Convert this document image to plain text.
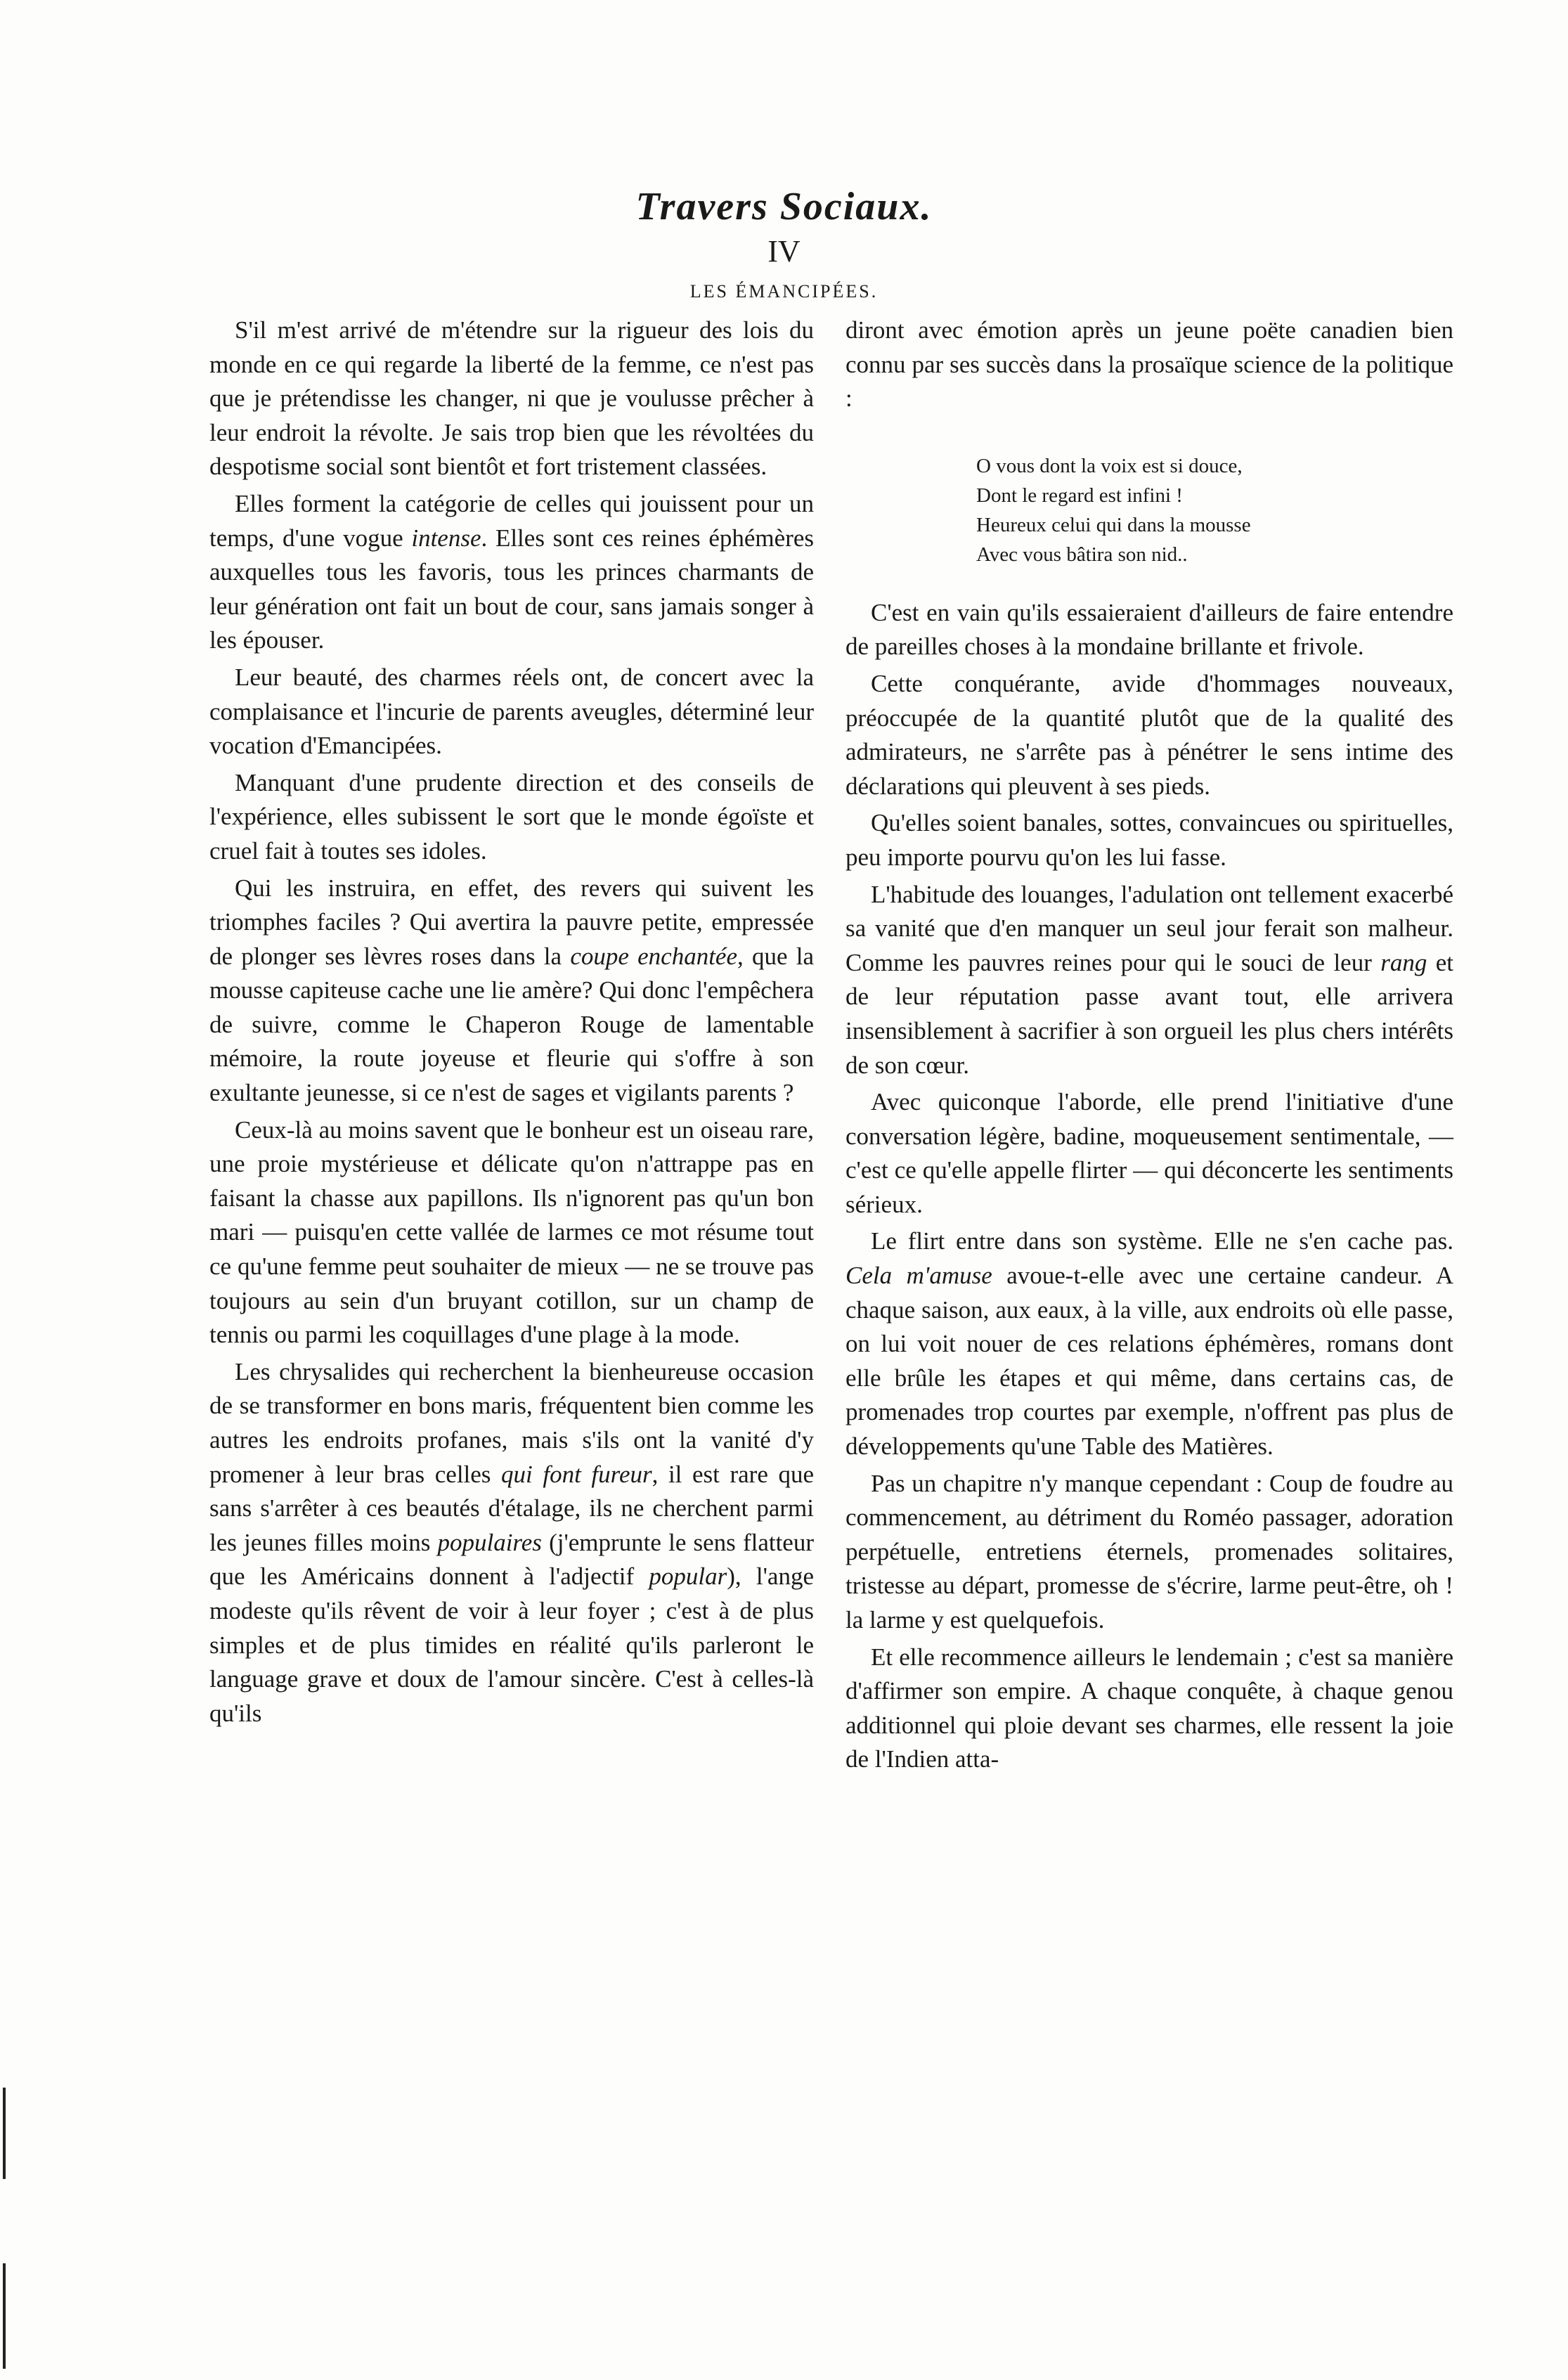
Travers Sociaux.
IV
LES ÉMANCIPÉES.

S'il m'est arrivé de m'étendre sur la rigueur des lois du monde en ce qui regarde la liberté de la femme, ce n'est pas que je prétendisse les changer, ni que je voulusse prêcher à leur endroit la révolte. Je sais trop bien que les révoltées du despotisme social sont bientôt et fort tristement classées.

Elles forment la catégorie de celles qui jouissent pour un temps, d'une vogue intense. Elles sont ces reines éphémères auxquelles tous les favoris, tous les princes charmants de leur génération ont fait un bout de cour, sans jamais songer à les épouser.

Leur beauté, des charmes réels ont, de concert avec la complaisance et l'incurie de parents aveugles, déterminé leur vocation d'Emancipées.

Manquant d'une prudente direction et des conseils de l'expérience, elles subissent le sort que le monde égoïste et cruel fait à toutes ses idoles.

Qui les instruira, en effet, des revers qui suivent les triomphes faciles ? Qui avertira la pauvre petite, empressée de plonger ses lèvres roses dans la coupe enchantée, que la mousse capiteuse cache une lie amère? Qui donc l'empêchera de suivre, comme le Chaperon Rouge de lamentable mémoire, la route joyeuse et fleurie qui s'offre à son exultante jeunesse, si ce n'est de sages et vigilants parents ?

Ceux-là au moins savent que le bonheur est un oiseau rare, une proie mystérieuse et délicate qu'on n'attrappe pas en faisant la chasse aux papillons. Ils n'ignorent pas qu'un bon mari — puisqu'en cette vallée de larmes ce mot résume tout ce qu'une femme peut souhaiter de mieux — ne se trouve pas toujours au sein d'un bruyant cotillon, sur un champ de tennis ou parmi les coquillages d'une plage à la mode.

Les chrysalides qui recherchent la bienheureuse occasion de se transformer en bons maris, fréquentent bien comme les autres les endroits profanes, mais s'ils ont la vanité d'y promener à leur bras celles qui font fureur, il est rare que sans s'arrêter à ces beautés d'étalage, ils ne cherchent parmi les jeunes filles moins populaires (j'emprunte le sens flatteur que les Américains donnent à l'adjectif popular), l'ange modeste qu'ils rêvent de voir à leur foyer ; c'est à de plus simples et de plus timides en réalité qu'ils parleront le language grave et doux de l'amour sincère. C'est à celles-là qu'ils

diront avec émotion après un jeune poëte canadien bien connu par ses succès dans la prosaïque science de la politique :

O vous dont la voix est si douce,
Dont le regard est infini !
Heureux celui qui dans la mousse
Avec vous bâtira son nid..

C'est en vain qu'ils essaieraient d'ailleurs de faire entendre de pareilles choses à la mondaine brillante et frivole.

Cette conquérante, avide d'hommages nouveaux, préoccupée de la quantité plutôt que de la qualité des admirateurs, ne s'arrête pas à pénétrer le sens intime des déclarations qui pleuvent à ses pieds.

Qu'elles soient banales, sottes, convaincues ou spirituelles, peu importe pourvu qu'on les lui fasse.

L'habitude des louanges, l'adulation ont tellement exacerbé sa vanité que d'en manquer un seul jour ferait son malheur. Comme les pauvres reines pour qui le souci de leur rang et de leur réputation passe avant tout, elle arrivera insensiblement à sacrifier à son orgueil les plus chers intérêts de son cœur.

Avec quiconque l'aborde, elle prend l'initiative d'une conversation légère, badine, moqueusement sentimentale, — c'est ce qu'elle appelle flirter — qui déconcerte les sentiments sérieux.

Le flirt entre dans son système. Elle ne s'en cache pas. Cela m'amuse avoue-t-elle avec une certaine candeur. A chaque saison, aux eaux, à la ville, aux endroits où elle passe, on lui voit nouer de ces relations éphémères, romans dont elle brûle les étapes et qui même, dans certains cas, de promenades trop courtes par exemple, n'offrent pas plus de développements qu'une Table des Matières.

Pas un chapitre n'y manque cependant : Coup de foudre au commencement, au détriment du Roméo passager, adoration perpétuelle, entretiens éternels, promenades solitaires, tristesse au départ, promesse de s'écrire, larme peut-être, oh ! la larme y est quelquefois.

Et elle recommence ailleurs le lendemain ; c'est sa manière d'affirmer son empire. A chaque conquête, à chaque genou additionnel qui ploie devant ses charmes, elle ressent la joie de l'Indien atta-
